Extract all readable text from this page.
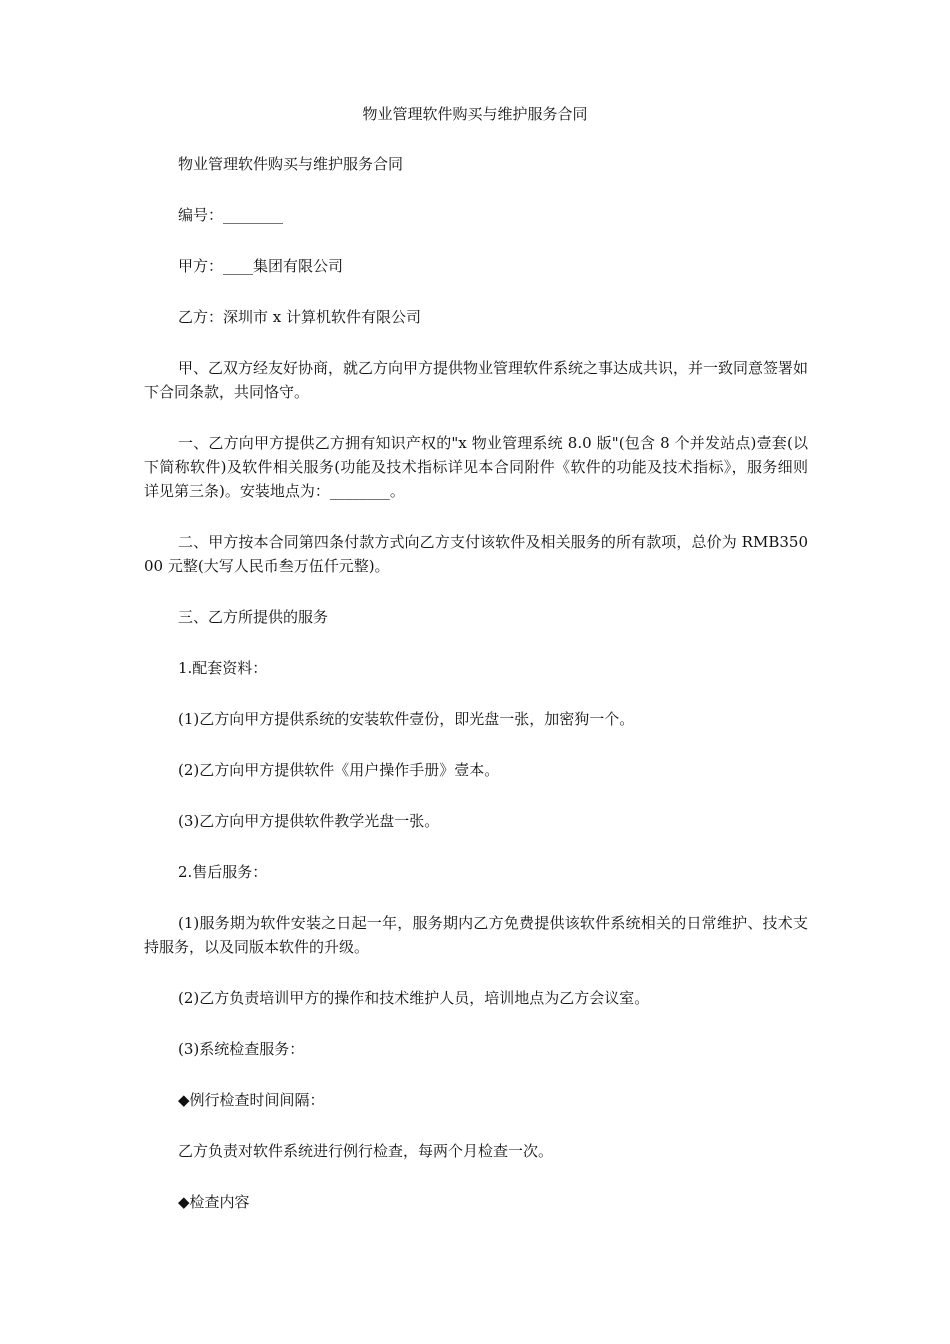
物业管理软件购买与维护服务合同

物业管理软件购买与维护服务合同

编号：________

甲方：____集团有限公司

乙方：深圳市 x 计算机软件有限公司

甲、乙双方经友好协商，就乙方向甲方提供物业管理软件系统之事达成共识，并一致同意签署如下合同条款，共同恪守。

一、乙方向甲方提供乙方拥有知识产权的"x 物业管理系统 8.0 版"(包含 8 个并发站点)壹套(以下简称软件)及软件相关服务(功能及技术指标详见本合同附件《软件的功能及技术指标》，服务细则详见第三条)。安装地点为：________。

二、甲方按本合同第四条付款方式向乙方支付该软件及相关服务的所有款项，总价为 RMB35000 元整(大写人民币叁万伍仟元整)。

三、乙方所提供的服务

1.配套资料：

(1)乙方向甲方提供系统的安装软件壹份，即光盘一张，加密狗一个。

(2)乙方向甲方提供软件《用户操作手册》壹本。

(3)乙方向甲方提供软件教学光盘一张。

2.售后服务：

(1)服务期为软件安装之日起一年，服务期内乙方免费提供该软件系统相关的日常维护、技术支持服务，以及同版本软件的升级。

(2)乙方负责培训甲方的操作和技术维护人员，培训地点为乙方会议室。

(3)系统检查服务：

◆例行检查时间间隔：

乙方负责对软件系统进行例行检查，每两个月检查一次。

◆检查内容
